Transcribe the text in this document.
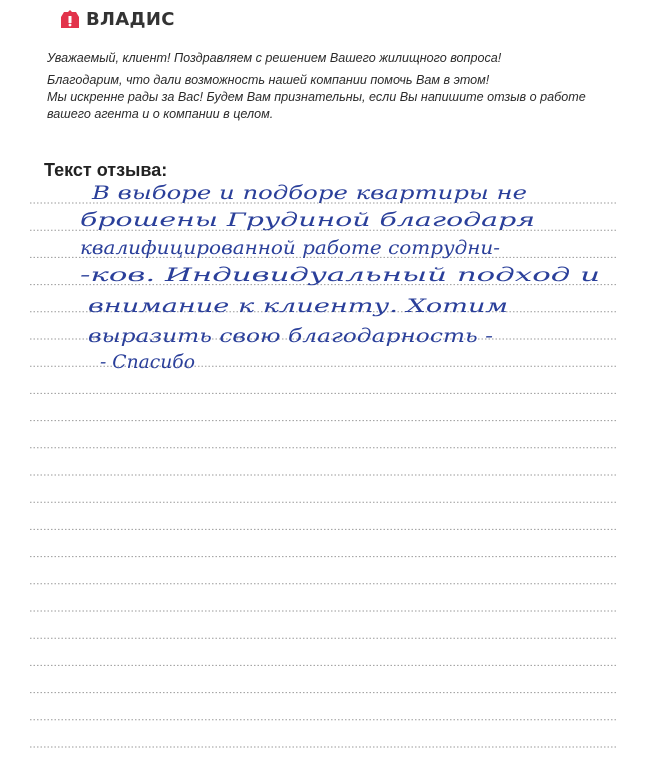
ВЛАДИС

Уважаемый, клиент! Поздравляем с решением Вашего жилищного вопроса!

Благодарим, что дали возможность нашей компании помочь Вам в этом!

Мы искренне рады за Вас! Будем Вам признательны, если Вы напишите отзыв о работе

вашего агента и о компании в целом.

Текст отзыва:
В выборе и подборе квартиры не
брошены Грудиной благодаря
квалифицированной работе сотрудни-
-ков. Индивидуальный подход и
внимание к клиенту. Хотим
выразить свою благодарность -
- Спасибо
